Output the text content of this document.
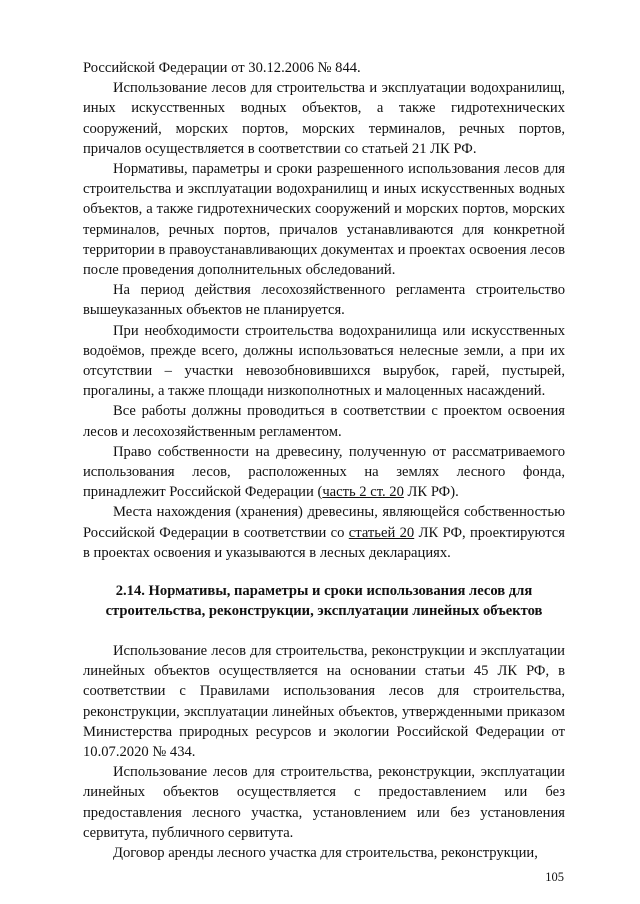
Российской Федерации от 30.12.2006 № 844.

Использование лесов для строительства и эксплуатации водохранилищ, иных искусственных водных объектов, а также гидротехнических сооружений, морских портов, морских терминалов, речных портов, причалов осуществляется в соответствии со статьей 21 ЛК РФ.

Нормативы, параметры и сроки разрешенного использования лесов для строительства и эксплуатации водохранилищ и иных искусственных водных объектов, а также гидротехнических сооружений и морских портов, морских терминалов, речных портов, причалов устанавливаются для конкретной территории в правоустанавливающих документах и проектах освоения лесов после проведения дополнительных обследований.

На период действия лесохозяйственного регламента строительство вышеуказанных объектов не планируется.

При необходимости строительства водохранилища или искусственных водоёмов, прежде всего, должны использоваться нелесные земли, а при их отсутствии – участки невозобновившихся вырубок, гарей, пустырей, прогалины, а также площади низкополнотных и малоценных насаждений.

Все работы должны проводиться в соответствии с проектом освоения лесов и лесохозяйственным регламентом.

Право собственности на древесину, полученную от рассматриваемого использования лесов, расположенных на землях лесного фонда, принадлежит Российской Федерации (часть 2 ст. 20 ЛК РФ).

Места нахождения (хранения) древесины, являющейся собственностью Российской Федерации в соответствии со статьей 20 ЛК РФ, проектируются в проектах освоения и указываются в лесных декларациях.

2.14. Нормативы, параметры и сроки использования лесов для строительства, реконструкции, эксплуатации линейных объектов

Использование лесов для строительства, реконструкции и эксплуатации линейных объектов осуществляется на основании статьи 45 ЛК РФ, в соответствии с Правилами использования лесов для строительства, реконструкции, эксплуатации линейных объектов, утвержденными приказом Министерства природных ресурсов и экологии Российской Федерации от 10.07.2020 № 434.

Использование лесов для строительства, реконструкции, эксплуатации линейных объектов осуществляется с предоставлением или без предоставления лесного участка, установлением или без установления сервитута, публичного сервитута.

Договор аренды лесного участка для строительства, реконструкции,

105
